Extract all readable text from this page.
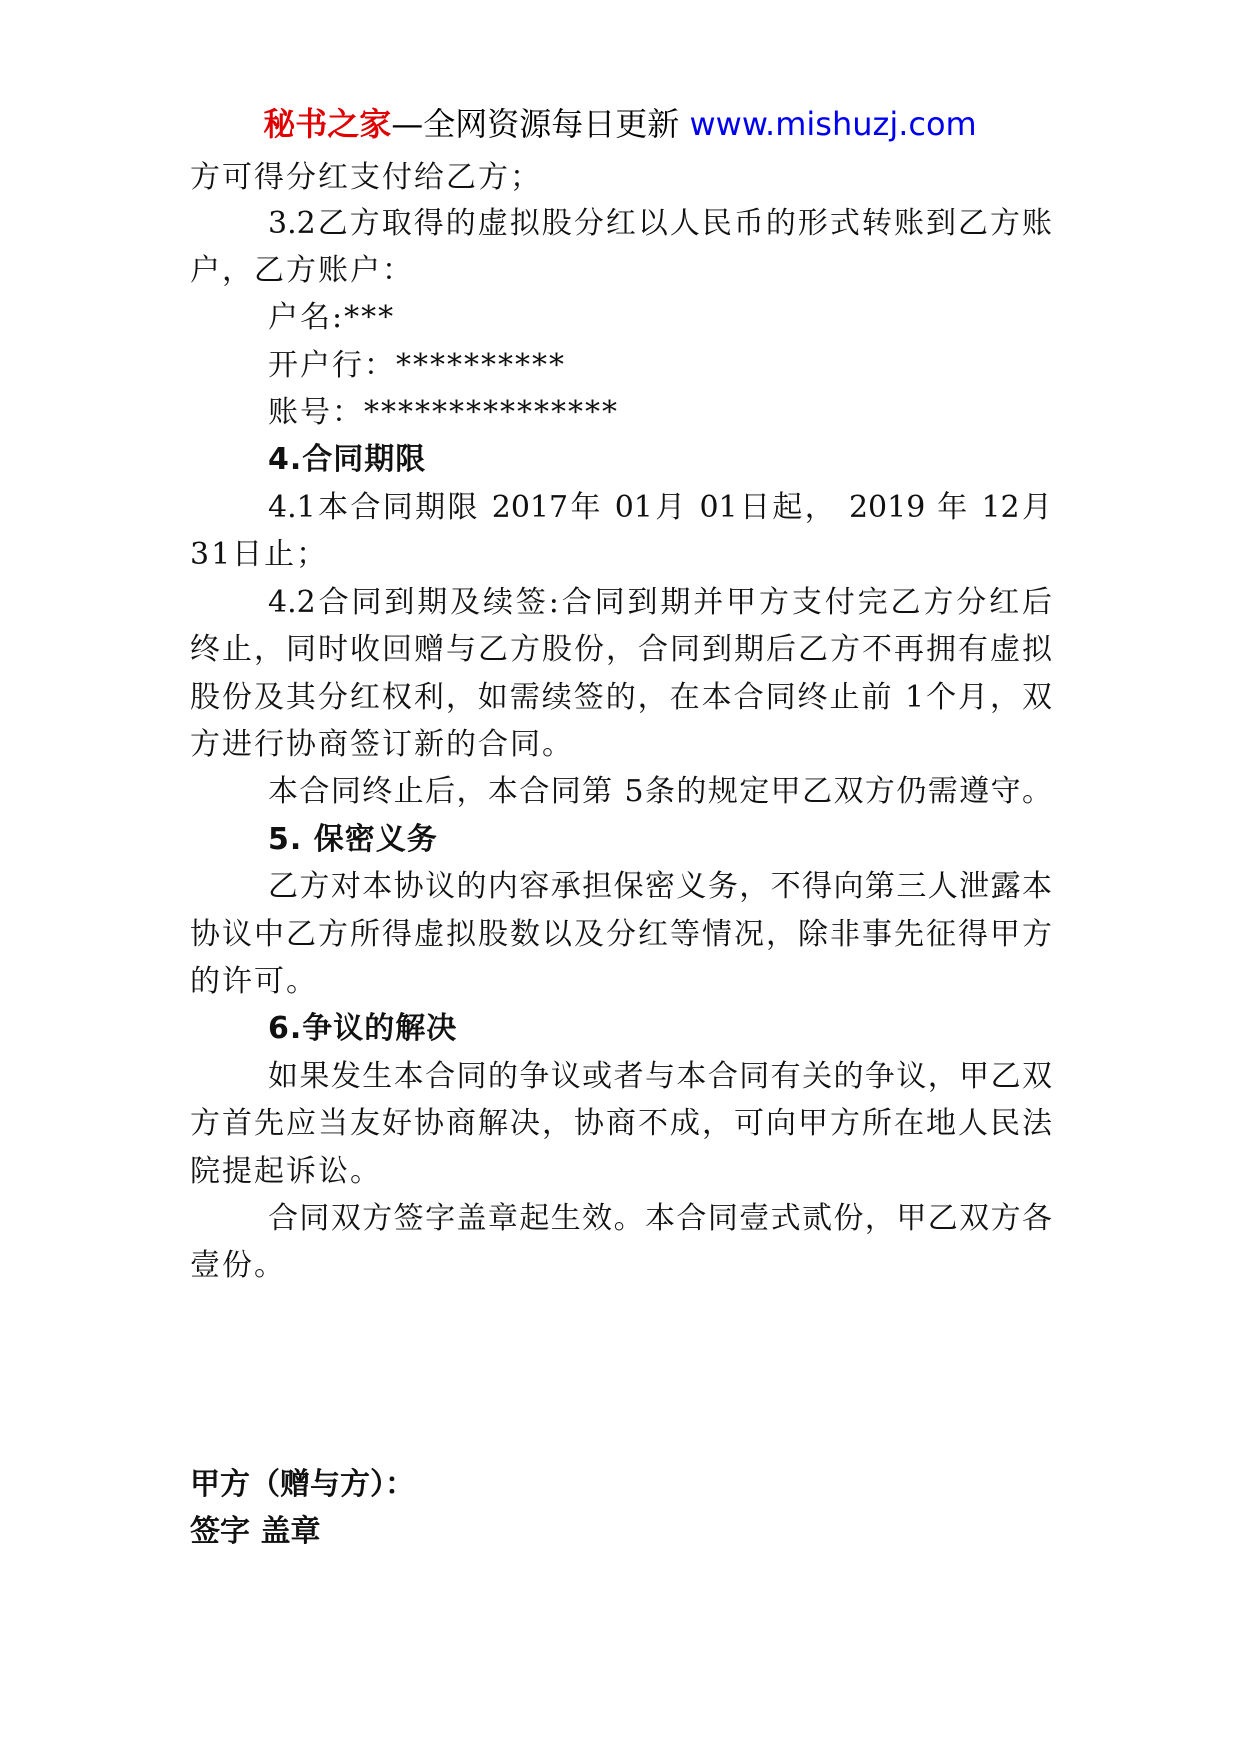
秘书之家—全网资源每日更新 www.mishuzj.com
方可得分红支付给乙方；
3.2乙方取得的虚拟股分红以人民币的形式转账到乙方账
户，乙方账户：
户名:***
开户行：**********
账号：***************
4.合同期限
4.1本合同期限 2017年 01月 01日起， 2019 年 12月
31日止；
4.2合同到期及续签:合同到期并甲方支付完乙方分红后
终止，同时收回赠与乙方股份，合同到期后乙方不再拥有虚拟
股份及其分红权利，如需续签的，在本合同终止前 1个月，双
方进行协商签订新的合同。
本合同终止后，本合同第 5条的规定甲乙双方仍需遵守。
5. 保密义务
乙方对本协议的内容承担保密义务，不得向第三人泄露本
协议中乙方所得虚拟股数以及分红等情况，除非事先征得甲方
的许可。
6.争议的解决
如果发生本合同的争议或者与本合同有关的争议，甲乙双
方首先应当友好协商解决，协商不成，可向甲方所在地人民法
院提起诉讼。
合同双方签字盖章起生效。本合同壹式贰份，甲乙双方各
壹份。
甲方（赠与方）：
签字 盖章
